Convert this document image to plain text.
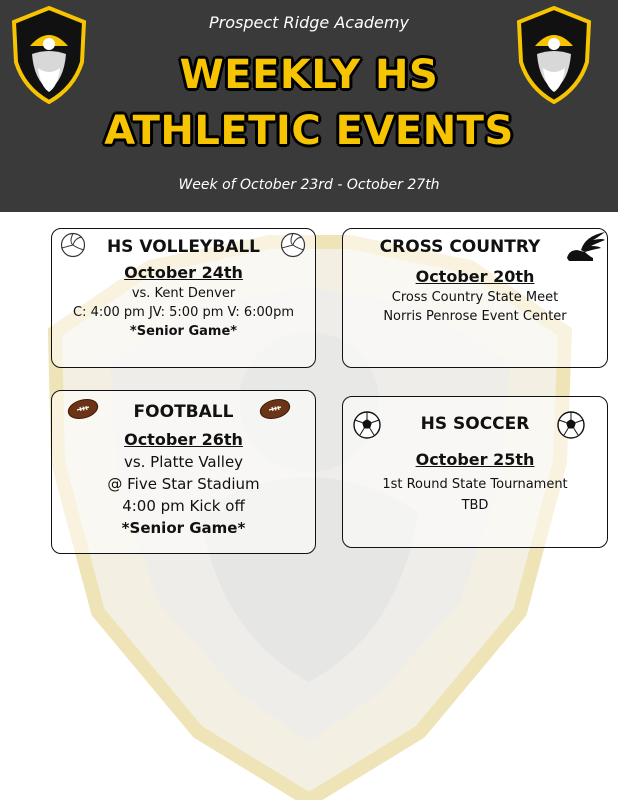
Prospect Ridge Academy
WEEKLY HS
ATHLETIC EVENTS
Week of October 23rd - October 27th
HS VOLLEYBALL
October 24th
vs. Kent Denver
C: 4:00 pm JV: 5:00 pm V: 6:00pm
*Senior Game*
CROSS COUNTRY
October 20th
Cross Country State Meet
Norris Penrose Event Center
FOOTBALL
October 26th
vs. Platte Valley
@ Five Star Stadium
4:00 pm Kick off
*Senior Game*
HS SOCCER
October 25th
1st Round State Tournament
TBD
